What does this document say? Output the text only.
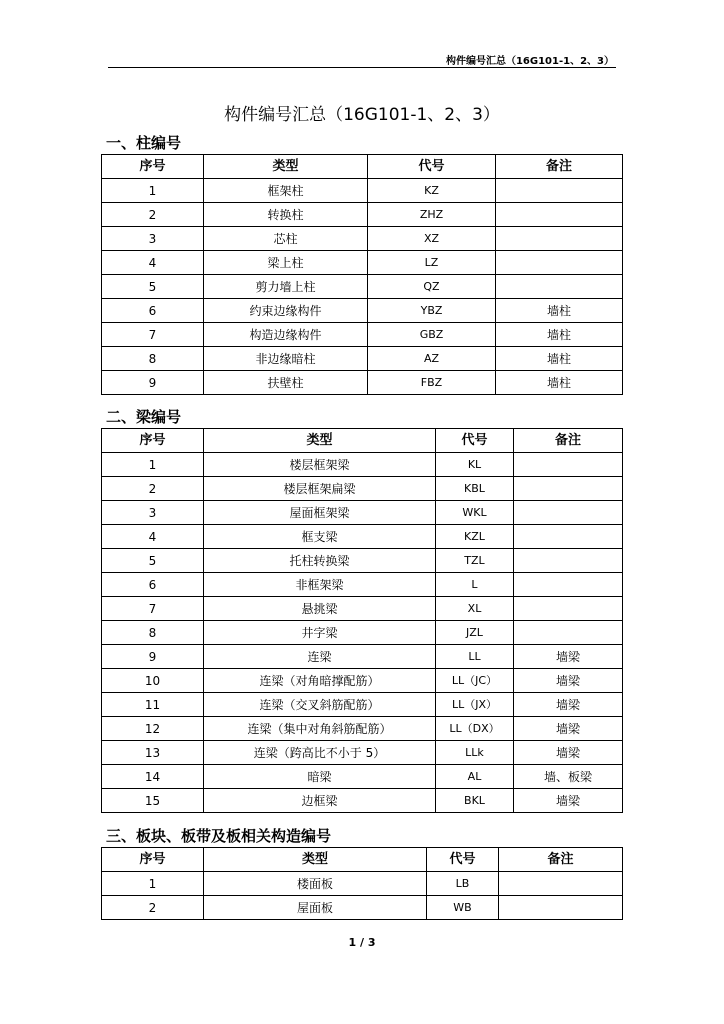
构件编号汇总（16G101-1、2、3）
构件编号汇总（16G101-1、2、3）
一、柱编号
序号	类型	代号	备注
1	框架柱	KZ	
2	转换柱	ZHZ	
3	芯柱	XZ	
4	梁上柱	LZ	
5	剪力墙上柱	QZ	
6	约束边缘构件	YBZ	墙柱
7	构造边缘构件	GBZ	墙柱
8	非边缘暗柱	AZ	墙柱
9	扶壁柱	FBZ	墙柱
二、梁编号
序号	类型	代号	备注
1	楼层框架梁	KL	
2	楼层框架扁梁	KBL	
3	屋面框架梁	WKL	
4	框支梁	KZL	
5	托柱转换梁	TZL	
6	非框架梁	L	
7	悬挑梁	XL	
8	井字梁	JZL	
9	连梁	LL	墙梁
10	连梁（对角暗撑配筋）	LL（JC）	墙梁
11	连梁（交叉斜筋配筋）	LL（JX）	墙梁
12	连梁（集中对角斜筋配筋）	LL（DX）	墙梁
13	连梁（跨高比不小于 5）	LLk	墙梁
14	暗梁	AL	墙、板梁
15	边框梁	BKL	墙梁
三、板块、板带及板相关构造编号
序号	类型	代号	备注
1	楼面板	LB	
2	屋面板	WB	
1 / 3
